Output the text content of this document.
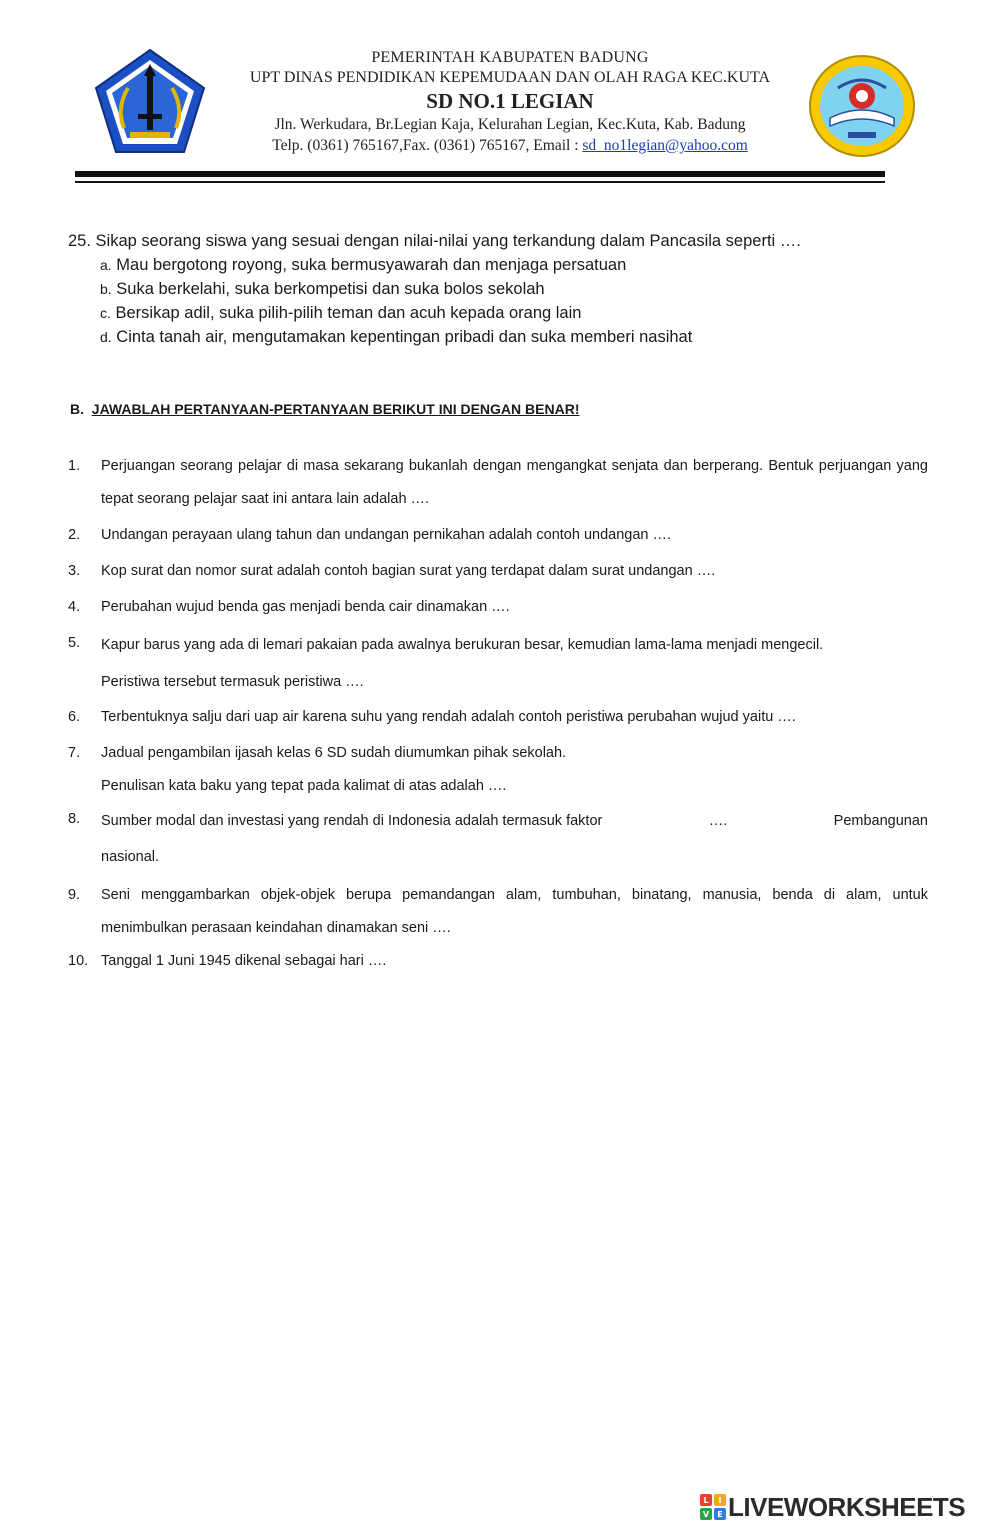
PEMERINTAH KABUPATEN BADUNG
UPT DINAS PENDIDIKAN KEPEMUDAAN DAN OLAH RAGA KEC.KUTA
SD NO.1 LEGIAN
Jln. Werkudara, Br.Legian Kaja, Kelurahan Legian, Kec.Kuta, Kab. Badung
Telp. (0361) 765167,Fax. (0361) 765167, Email : sd_no1legian@yahoo.com
25. Sikap seorang siswa yang sesuai dengan nilai-nilai yang terkandung dalam Pancasila seperti ….
a. Mau bergotong royong, suka bermusyawarah dan menjaga persatuan
b. Suka berkelahi, suka berkompetisi dan suka bolos sekolah
c. Bersikap adil, suka pilih-pilih teman dan acuh kepada orang lain
d. Cinta tanah air, mengutamakan kepentingan pribadi dan suka memberi nasihat
B. JAWABLAH PERTANYAAN-PERTANYAAN BERIKUT INI DENGAN BENAR!
1.	Perjuangan seorang pelajar di masa sekarang bukanlah dengan mengangkat senjata dan berperang. Bentuk perjuangan yang tepat seorang pelajar saat ini antara lain adalah ….
2.	Undangan perayaan ulang tahun dan undangan pernikahan adalah contoh undangan ….
3.	Kop surat dan nomor surat adalah contoh bagian surat yang terdapat dalam surat undangan ….
4.	Perubahan wujud benda gas menjadi benda cair dinamakan ….
5.	Kapur barus yang ada di lemari pakaian pada awalnya berukuran besar, kemudian lama-lama menjadi mengecil.
Peristiwa tersebut termasuk peristiwa ….
6.	Terbentuknya salju dari uap air karena suhu yang rendah adalah contoh peristiwa perubahan wujud yaitu ….
7.	Jadual pengambilan ijasah kelas 6 SD sudah diumumkan pihak sekolah.
Penulisan kata baku yang tepat pada kalimat di atas adalah ….
8.	Sumber modal dan investasi yang rendah di Indonesia adalah termasuk faktor	….	Pembangunan
nasional.
9.	Seni menggambarkan objek-objek berupa pemandangan alam, tumbuhan, binatang, manusia, benda di alam, untuk menimbulkan perasaan keindahan dinamakan seni ….
10. Tanggal 1 Juni 1945 dikenal sebagai hari ….
L I
V E LIVEWORKSHEETS
